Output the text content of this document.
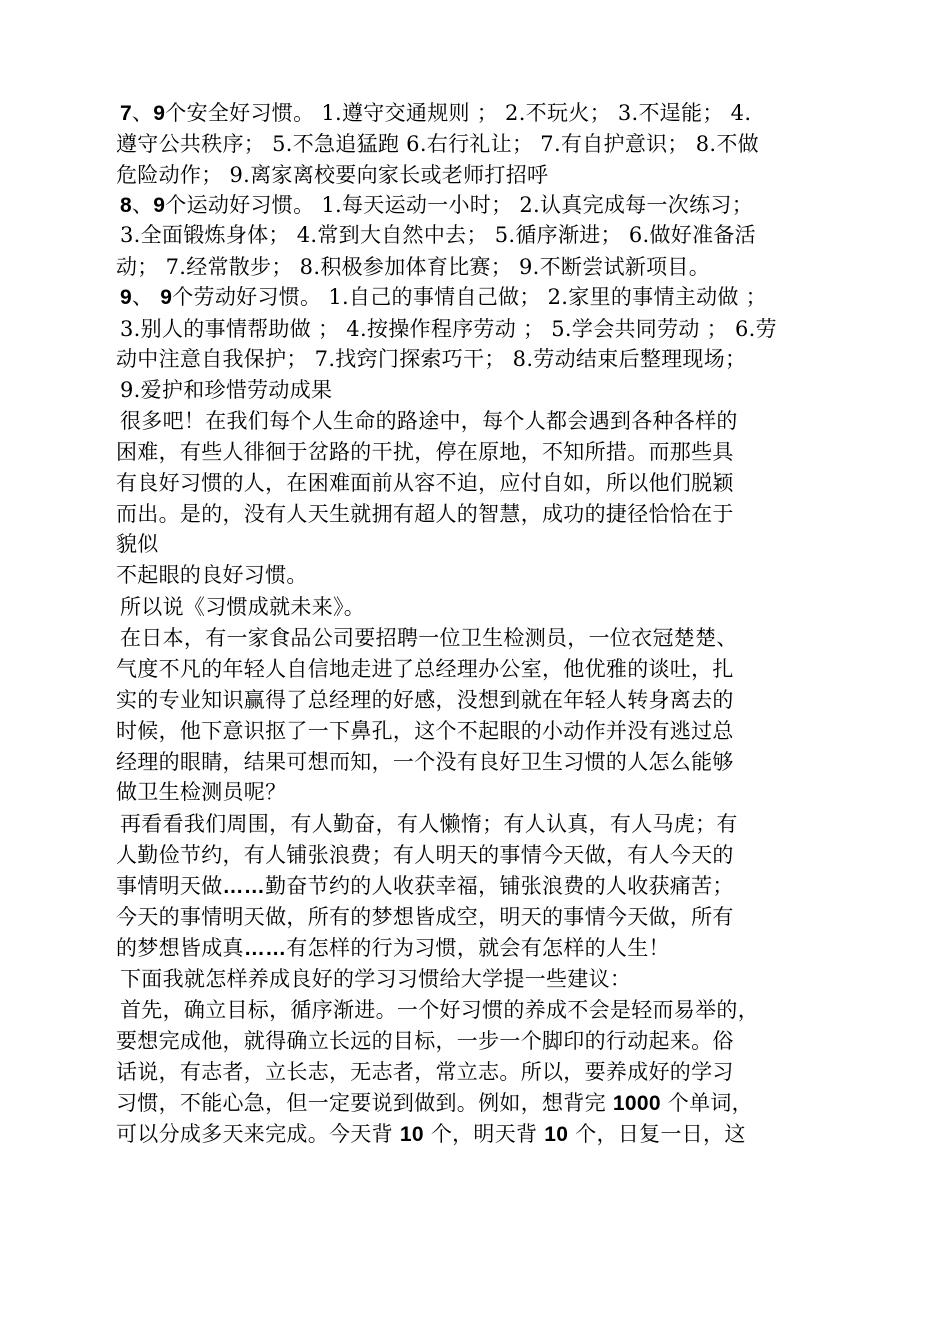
7、9个安全好习惯。 1.遵守交通规则 ； 2.不玩火； 3.不逞能； 4.
遵守公共秩序； 5.不急追猛跑 6.右行礼让； 7.有自护意识； 8.不做
危险动作； 9.离家离校要向家长或老师打招呼
8、9个运动好习惯。 1.每天运动一小时； 2.认真完成每一次练习；
3.全面锻炼身体； 4.常到大自然中去； 5.循序渐进； 6.做好准备活
动； 7.经常散步； 8.积极参加体育比赛； 9.不断尝试新项目。
9、 9个劳动好习惯。 1.自己的事情自己做； 2.家里的事情主动做 ；
3.别人的事情帮助做 ； 4.按操作程序劳动 ； 5.学会共同劳动 ； 6.劳
动中注意自我保护； 7.找窍门探索巧干； 8.劳动结束后整理现场；
9.爱护和珍惜劳动成果
很多吧！在我们每个人生命的路途中，每个人都会遇到各种各样的
困难，有些人徘徊于岔路的干扰，停在原地，不知所措。而那些具
有良好习惯的人，在困难面前从容不迫，应付自如，所以他们脱颖
而出。是的，没有人天生就拥有超人的智慧，成功的捷径恰恰在于
貌似
不起眼的良好习惯。
所以说《习惯成就未来》。
在日本，有一家食品公司要招聘一位卫生检测员，一位衣冠楚楚、
气度不凡的年轻人自信地走进了总经理办公室，他优雅的谈吐，扎
实的专业知识赢得了总经理的好感，没想到就在年轻人转身离去的
时候，他下意识抠了一下鼻孔，这个不起眼的小动作并没有逃过总
经理的眼睛，结果可想而知，一个没有良好卫生习惯的人怎么能够
做卫生检测员呢？
再看看我们周围，有人勤奋，有人懒惰；有人认真，有人马虎；有
人勤俭节约，有人铺张浪费；有人明天的事情今天做，有人今天的
事情明天做……勤奋节约的人收获幸福，铺张浪费的人收获痛苦；
今天的事情明天做，所有的梦想皆成空，明天的事情今天做，所有
的梦想皆成真……有怎样的行为习惯，就会有怎样的人生！
下面我就怎样养成良好的学习习惯给大学提一些建议：
首先，确立目标，循序渐进。一个好习惯的养成不会是轻而易举的，
要想完成他，就得确立长远的目标，一步一个脚印的行动起来。俗
话说，有志者，立长志，无志者，常立志。所以，要养成好的学习
习惯，不能心急，但一定要说到做到。例如，想背完 1000 个单词，
可以分成多天来完成。今天背 10 个，明天背 10 个，日复一日，这
